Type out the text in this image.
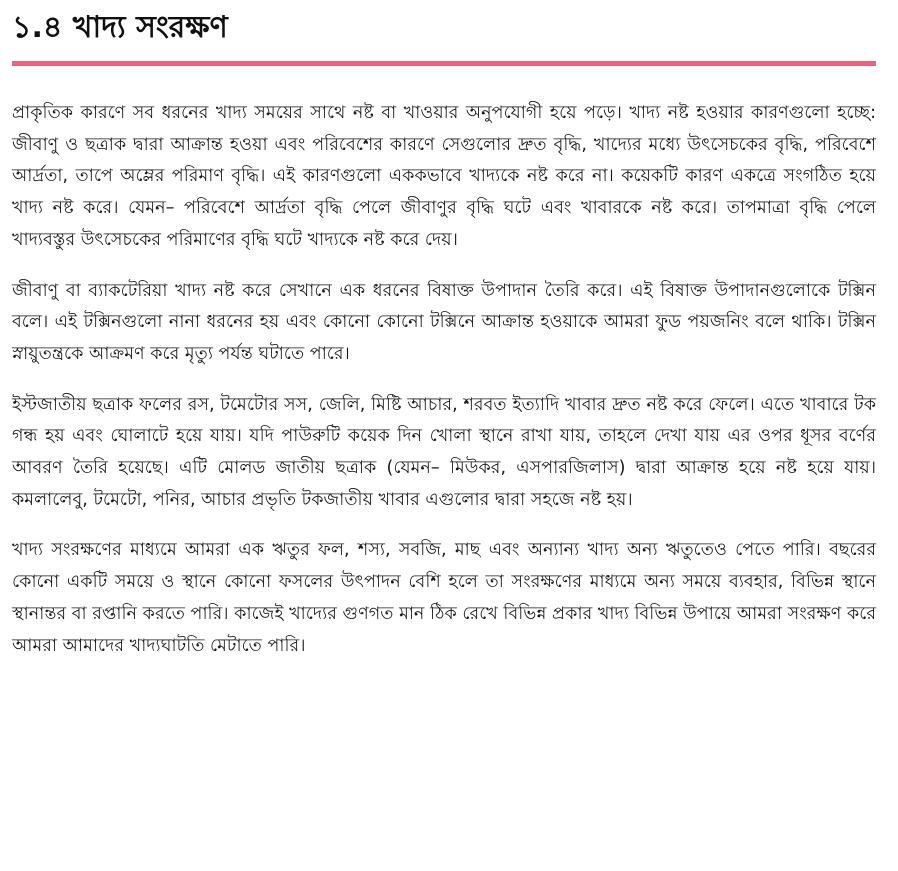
১.৪ খাদ্য সংরক্ষণ

প্রাকৃতিক কারণে সব ধরনের খাদ্য সময়ের সাথে নষ্ট বা খাওয়ার অনুপযোগী হয়ে পড়ে। খাদ্য নষ্ট হওয়ার কারণগুলো হচ্ছে: জীবাণু ও ছত্রাক দ্বারা আক্রান্ত হওয়া এবং পরিবেশের কারণে সেগুলোর দ্রুত বৃদ্ধি, খাদ্যের মধ্যে উৎসেচকের বৃদ্ধি, পরিবেশে আর্দ্রতা, তাপে অম্লের পরিমাণ বৃদ্ধি। এই কারণগুলো এককভাবে খাদ্যকে নষ্ট করে না। কয়েকটি কারণ একত্রে সংগঠিত হয়ে খাদ্য নষ্ট করে। যেমন– পরিবেশে আর্দ্রতা বৃদ্ধি পেলে জীবাণুর বৃদ্ধি ঘটে এবং খাবারকে নষ্ট করে। তাপমাত্রা বৃদ্ধি পেলে খাদ্যবস্তুর উৎসেচকের পরিমাণের বৃদ্ধি ঘটে খাদ্যকে নষ্ট করে দেয়।

জীবাণু বা ব্যাকটেরিয়া খাদ্য নষ্ট করে সেখানে এক ধরনের বিষাক্ত উপাদান তৈরি করে। এই বিষাক্ত উপাদানগুলোকে টক্সিন বলে। এই টক্সিনগুলো নানা ধরনের হয় এবং কোনো কোনো টক্সিনে আক্রান্ত হওয়াকে আমরা ফুড পয়জনিং বলে থাকি। টক্সিন স্নায়ুতন্ত্রকে আক্রমণ করে মৃত্যু পর্যন্ত ঘটাতে পারে।

ইস্টজাতীয় ছত্রাক ফলের রস, টমেটোর সস, জেলি, মিষ্টি আচার, শরবত ইত্যাদি খাবার দ্রুত নষ্ট করে ফেলে। এতে খাবারে টক গন্ধ হয় এবং ঘোলাটে হয়ে যায়। যদি পাউরুটি কয়েক দিন খোলা স্থানে রাখা যায়, তাহলে দেখা যায় এর ওপর ধূসর বর্ণের আবরণ তৈরি হয়েছে। এটি মোলড জাতীয় ছত্রাক (যেমন– মিউকর, এসপারজিলাস) দ্বারা আক্রান্ত হয়ে নষ্ট হয়ে যায়। কমলালেবু, টমেটো, পনির, আচার প্রভৃতি টকজাতীয় খাবার এগুলোর দ্বারা সহজে নষ্ট হয়।

খাদ্য সংরক্ষণের মাধ্যমে আমরা এক ঋতুর ফল, শস্য, সবজি, মাছ এবং অন্যান্য খাদ্য অন্য ঋতুতেও পেতে পারি। বছরের কোনো একটি সময়ে ও স্থানে কোনো ফসলের উৎপাদন বেশি হলে তা সংরক্ষণের মাধ্যমে অন্য সময়ে ব্যবহার, বিভিন্ন স্থানে স্থানান্তর বা রপ্তানি করতে পারি। কাজেই খাদ্যের গুণগত মান ঠিক রেখে বিভিন্ন প্রকার খাদ্য বিভিন্ন উপায়ে আমরা সংরক্ষণ করে আমরা আমাদের খাদ্যঘাটতি মেটাতে পারি।
